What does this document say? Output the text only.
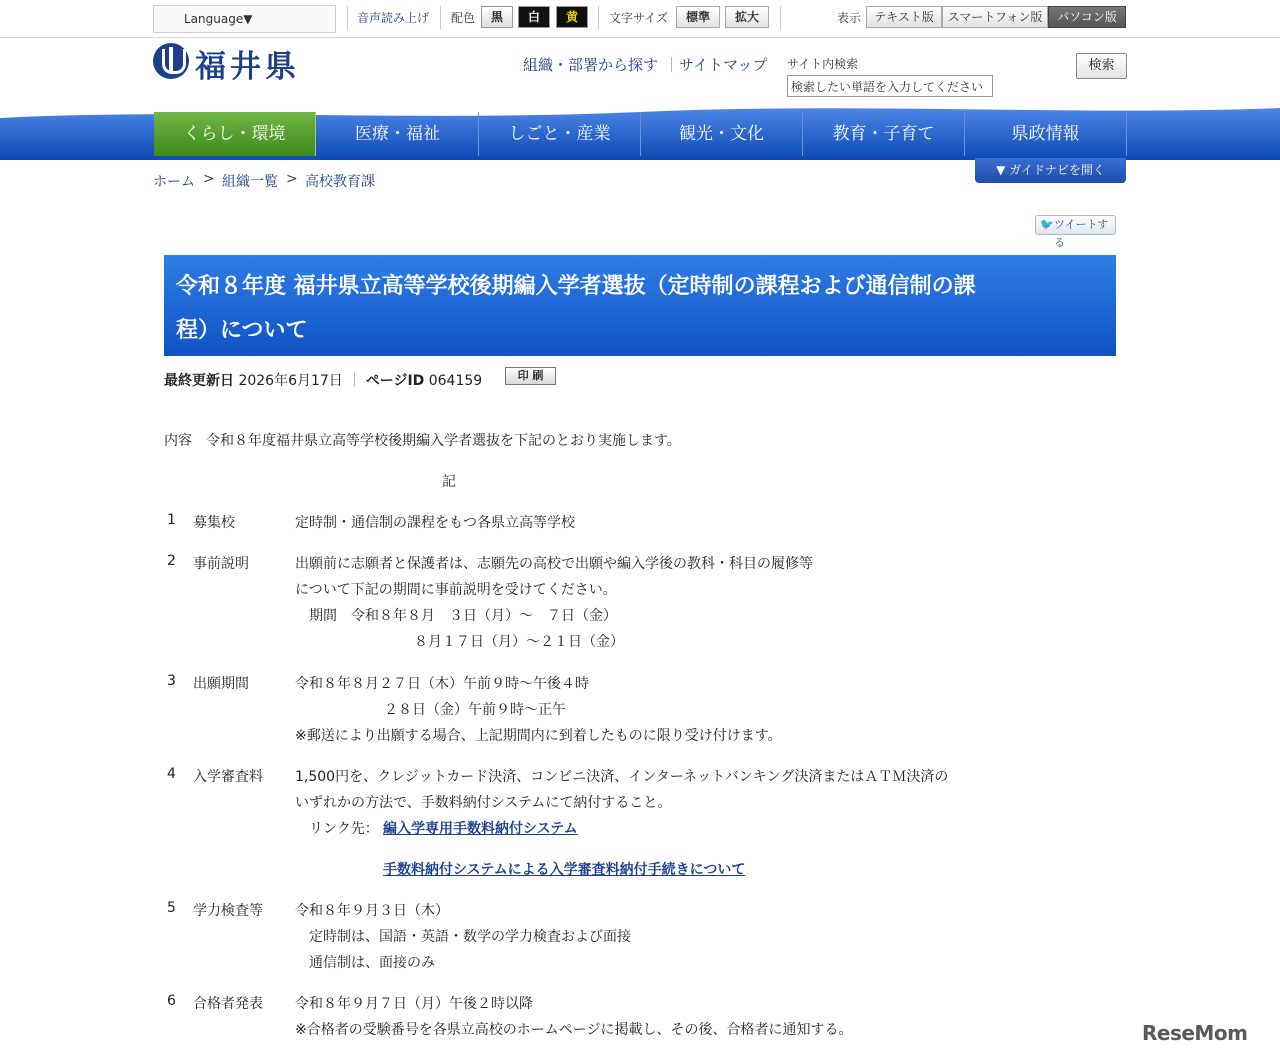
Language▼	音声読み上げ 配色	黒	白	黄	文字サイズ	標準	拡大	表示	テキスト版	スマートフォン版	パソコン版
福井県	組織・部署から探す ｜ サイトマップ サイト内検索
検索したい単語を入力してください	検索
くらし・環境	医療・福祉	しごと・産業	観光・文化	教育・子育て	県政情報
ホーム > 組織一覧 > 高校教育課
▼ ガイドナビを開く
🐦 ツイートする
令和８年度 福井県立高等学校後期編入学者選抜（定時制の課程および通信制の課
程）について
最終更新日 2026年6月17日 ｜ ページID 064159	印 刷
内容　令和８年度福井県立高等学校後期編入学者選抜を下記のとおり実施します。
記
1 募集校	定時制・通信制の課程をもつ各県立高等学校
2 事前説明	出願前に志願者と保護者は、志願先の高校で出願や編入学後の教科・科目の履修等
について下記の期間に事前説明を受けてください。
期間　令和８年８月　３日（月）～　７日（金）
８月１７日（月）～２１日（金）
3 出願期間	令和８年８月２７日（木）午前９時～午後４時
２８日（金）午前９時～正午
※郵送により出願する場合、上記期間内に到着したものに限り受け付けます。
4 入学審査料 1,500円を、クレジットカード決済、コンビニ決済、インターネットバンキング決済またはＡＴＭ決済の
いずれかの方法で、手数料納付システムにて納付すること。
リンク先： 編入学専用手数料納付システム
手数料納付システムによる入学審査料納付手続きについて
5 学力検査等 令和８年９月３日（木）
定時制は、国語・英語・数学の学力検査および面接
通信制は、面接のみ
6 合格者発表 令和８年９月７日（月）午後２時以降
※合格者の受験番号を各県立高校のホームページに掲載し、その後、合格者に通知する。	ReseMom
